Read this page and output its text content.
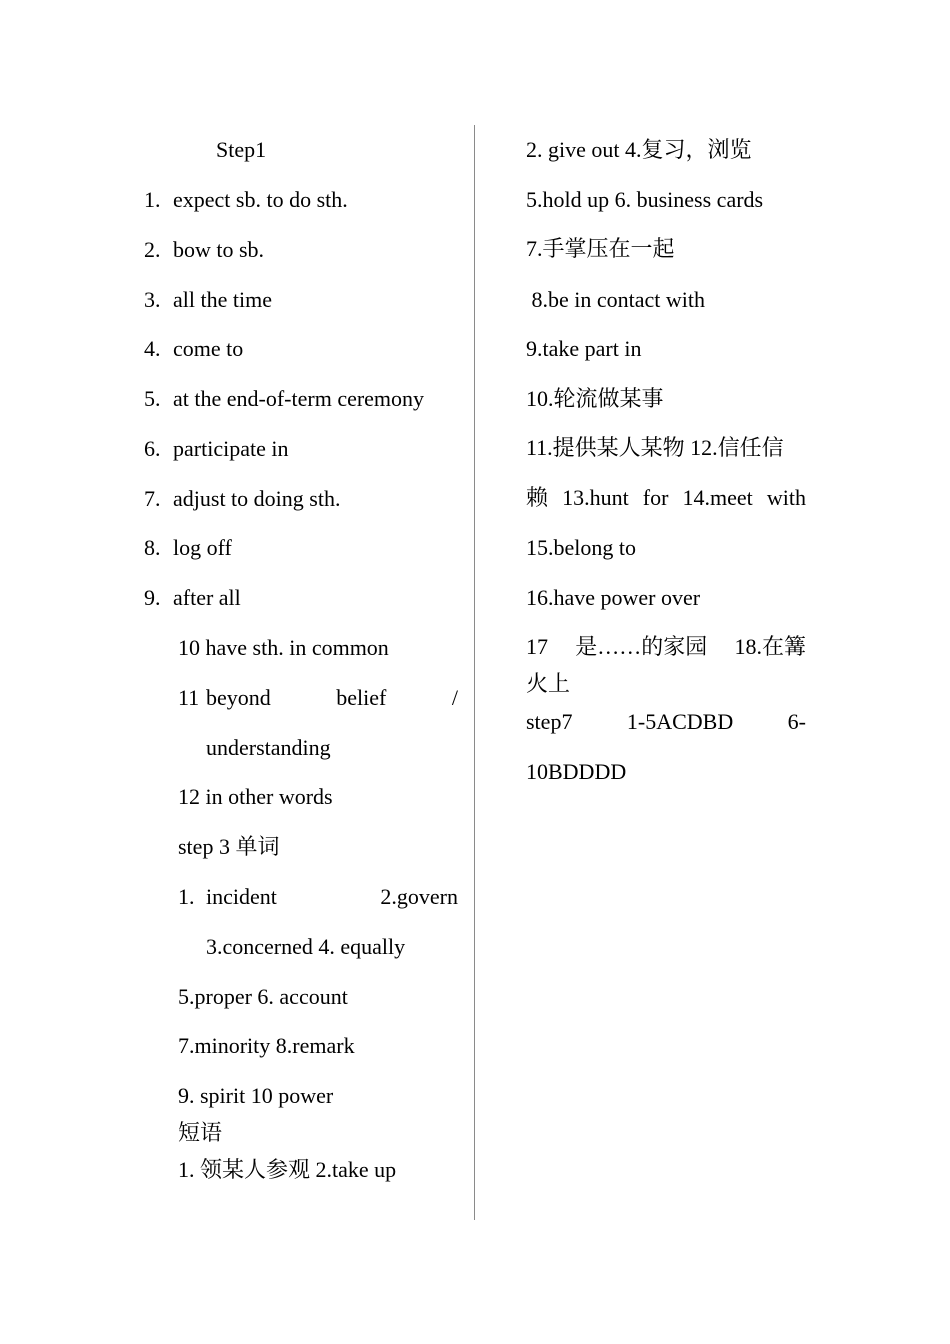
Step1
1. expect sb. to do sth.
2. bow to sb.
3. all the time
4. come to
5. at the end-of-term ceremony
6. participate in
7. adjust to doing sth.
8. log off
9. after all
10 have sth. in common
11 beyond	belief	/
understanding
12 in other words
step 3 单词
1. incident	2.govern
3.concerned 4. equally
5.proper 6. account
7.minority 8.remark
9. spirit 10 power
短语
1. 领某人参观 2.take up
2. give out 4.复习，浏览
5.hold up 6. business cards
7.手掌压在一起
8.be in contact with
9.take part in
10.轮流做某事
11.提供某人某物 12.信任信
赖 13.hunt for 14.meet with
15.belong to
16.have power over
17 是……的家园 18.在篝
火上
step7 1-5ACDBD 6-
10BDDDD
